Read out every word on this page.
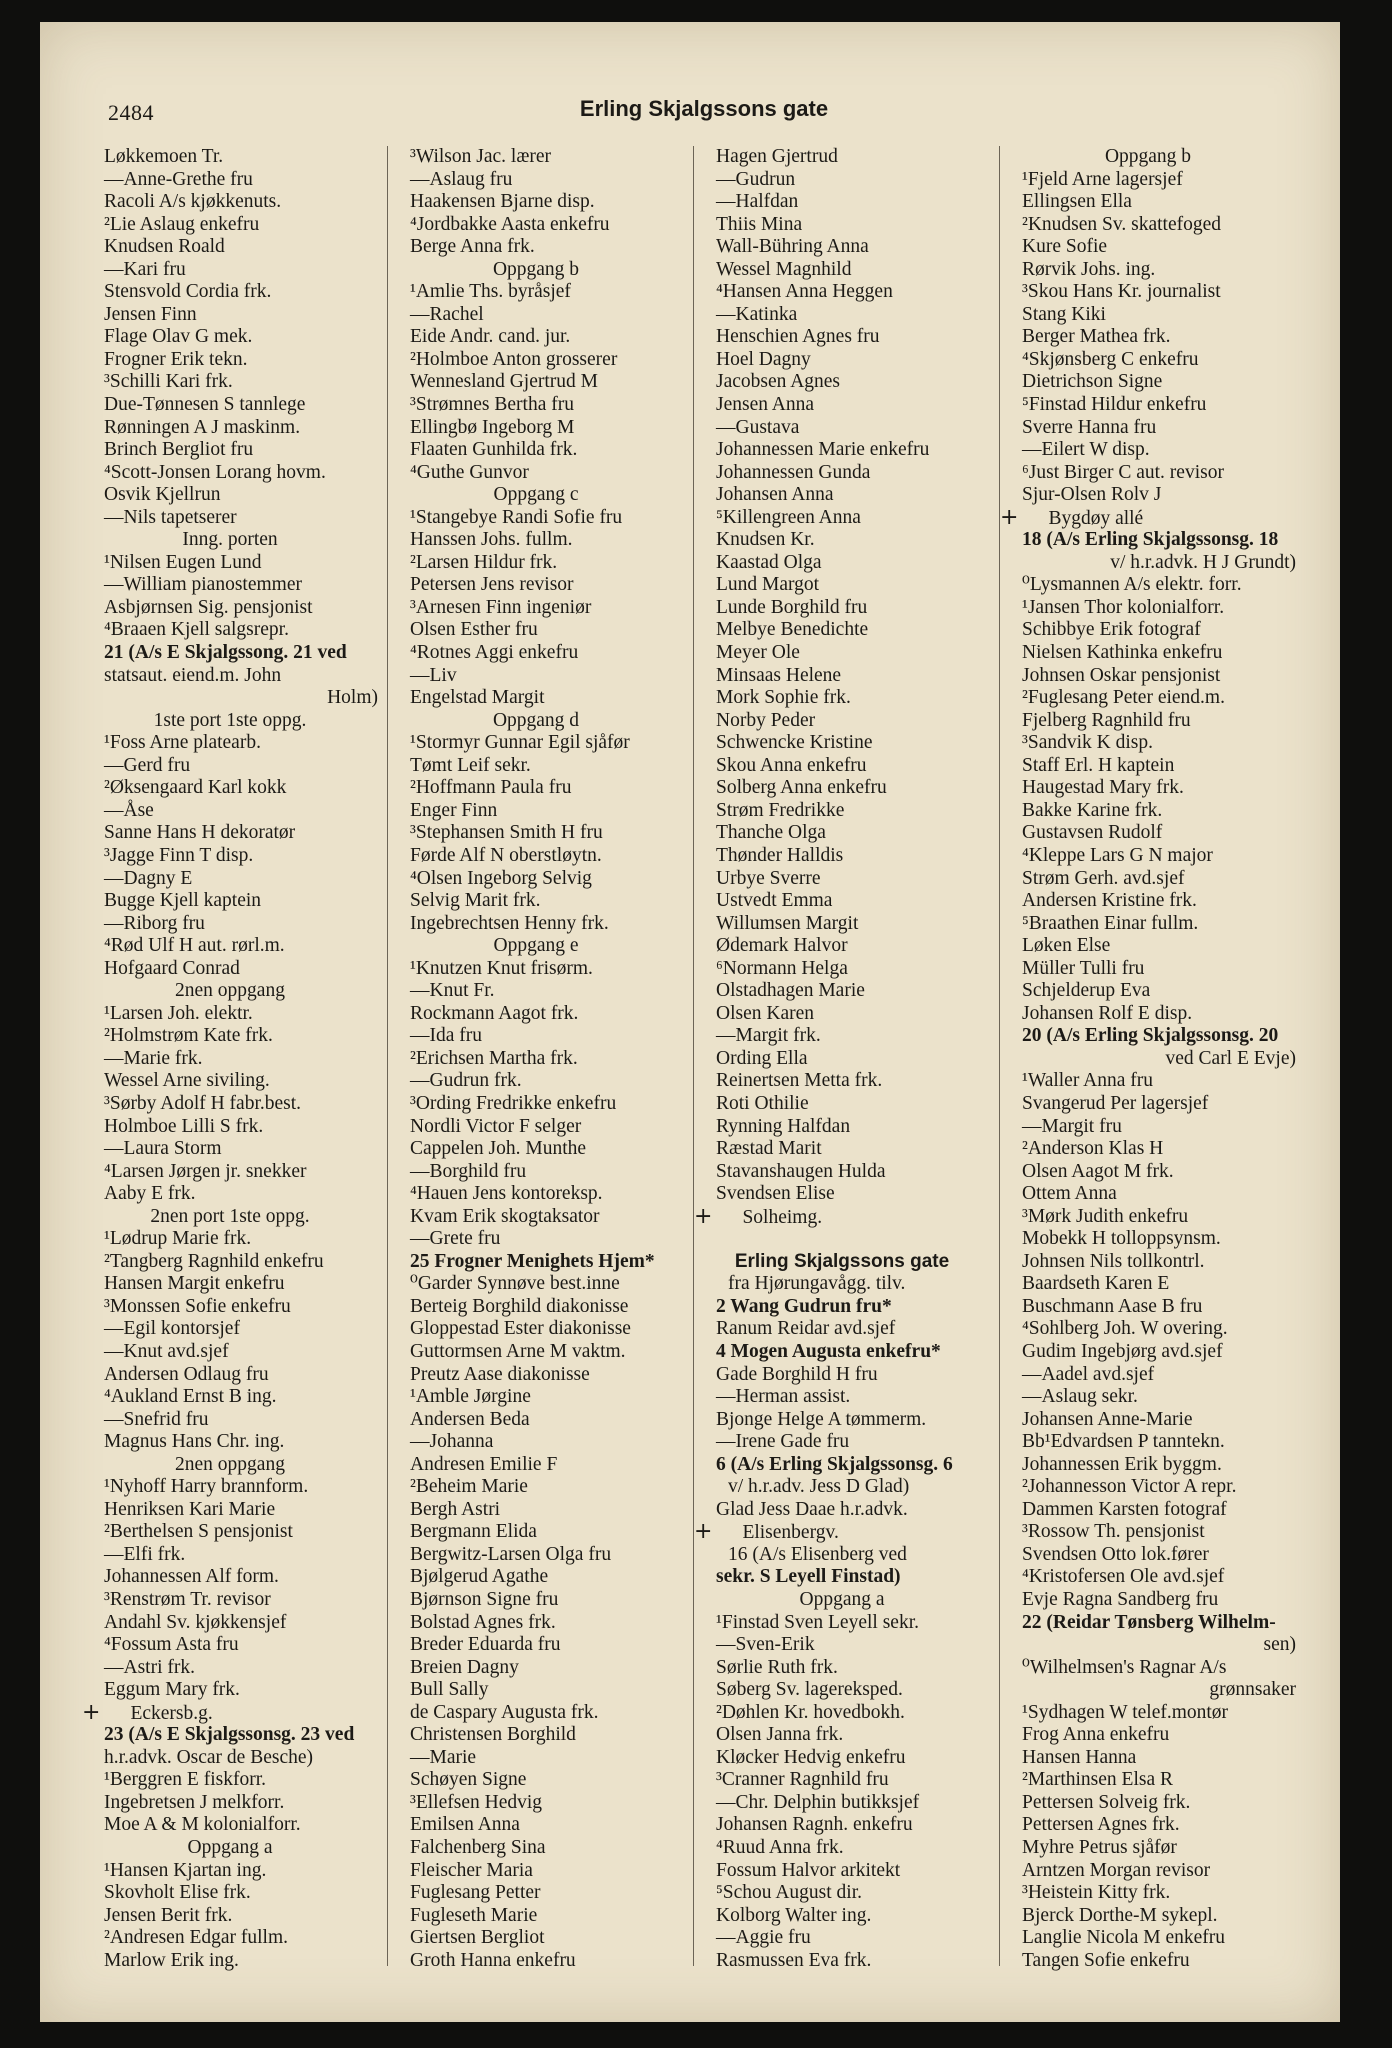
2484	Erling Skjalgssons gate
Løkkemoen Tr.
—Anne-Grethe fru
Racoli A/s kjøkkenuts.
²Lie Aslaug enkefru
Knudsen Roald
—Kari fru
Stensvold Cordia frk.
Jensen Finn
Flage Olav G mek.
Frogner Erik tekn.
³Schilli Kari frk.
Due-Tønnesen S tannlege
Rønningen A J maskinm.
Brinch Bergliot fru
⁴Scott-Jonsen Lorang hovm.
Osvik Kjellrun
—Nils tapetserer
Inng. porten
¹Nilsen Eugen Lund
—William pianostemmer
Asbjørnsen Sig. pensjonist
⁴Braaen Kjell salgsrepr.
21 (A/s E Skjalgssong. 21 ved
statsaut. eiend.m. John
Holm)
1ste port 1ste oppg.
¹Foss Arne platearb.
—Gerd fru
²Øksengaard Karl kokk
—Åse
Sanne Hans H dekoratør
³Jagge Finn T disp.
—Dagny E
Bugge Kjell kaptein
—Riborg fru
⁴Rød Ulf H aut. rørl.m.
Hofgaard Conrad
2nen oppgang
¹Larsen Joh. elektr.
²Holmstrøm Kate frk.
—Marie frk.
Wessel Arne siviling.
³Sørby Adolf H fabr.best.
Holmboe Lilli S frk.
—Laura Storm
⁴Larsen Jørgen jr. snekker
Aaby E frk.
2nen port 1ste oppg.
¹Lødrup Marie frk.
²Tangberg Ragnhild enkefru
Hansen Margit enkefru
³Monssen Sofie enkefru
—Egil kontorsjef
—Knut avd.sjef
Andersen Odlaug fru
⁴Aukland Ernst B ing.
—Snefrid fru
Magnus Hans Chr. ing.
2nen oppgang
¹Nyhoff Harry brannform.
Henriksen Kari Marie
²Berthelsen S pensjonist
—Elfi frk.
Johannessen Alf form.
³Renstrøm Tr. revisor
Andahl Sv. kjøkkensjef
⁴Fossum Asta fru
—Astri frk.
Eggum Mary frk.
+ Eckersb.g.
23 (A/s E Skjalgssonsg. 23 ved
h.r.advk. Oscar de Besche)
¹Berggren E fiskforr.
Ingebretsen J melkforr.
Moe A & M kolonialforr.
Oppgang a
¹Hansen Kjartan ing.
Skovholt Elise frk.
Jensen Berit frk.
²Andresen Edgar fullm.
Marlow Erik ing.
³Wilson Jac. lærer
—Aslaug fru
Haakensen Bjarne disp.
⁴Jordbakke Aasta enkefru
Berge Anna frk.
Oppgang b
¹Amlie Ths. byråsjef
—Rachel
Eide Andr. cand. jur.
²Holmboe Anton grosserer
Wennesland Gjertrud M
³Strømnes Bertha fru
Ellingbø Ingeborg M
Flaaten Gunhilda frk.
⁴Guthe Gunvor
Oppgang c
¹Stangebye Randi Sofie fru
Hanssen Johs. fullm.
²Larsen Hildur frk.
Petersen Jens revisor
³Arnesen Finn ingeniør
Olsen Esther fru
⁴Rotnes Aggi enkefru
—Liv
Engelstad Margit
Oppgang d
¹Stormyr Gunnar Egil sjåfør
Tømt Leif sekr.
²Hoffmann Paula fru
Enger Finn
³Stephansen Smith H fru
Førde Alf N oberstløytn.
⁴Olsen Ingeborg Selvig
Selvig Marit frk.
Ingebrechtsen Henny frk.
Oppgang e
¹Knutzen Knut frisørm.
—Knut Fr.
Rockmann Aagot frk.
—Ida fru
²Erichsen Martha frk.
—Gudrun frk.
³Ording Fredrikke enkefru
Nordli Victor F selger
Cappelen Joh. Munthe
—Borghild fru
⁴Hauen Jens kontoreksp.
Kvam Erik skogtaksator
—Grete fru
25 Frogner Menighets Hjem*
⁰Garder Synnøve best.inne
Berteig Borghild diakonisse
Gloppestad Ester diakonisse
Guttormsen Arne M vaktm.
Preutz Aase diakonisse
¹Amble Jørgine
Andersen Beda
—Johanna
Andresen Emilie F
²Beheim Marie
Bergh Astri
Bergmann Elida
Bergwitz-Larsen Olga fru
Bjølgerud Agathe
Bjørnson Signe fru
Bolstad Agnes frk.
Breder Eduarda fru
Breien Dagny
Bull Sally
de Caspary Augusta frk.
Christensen Borghild
—Marie
Schøyen Signe
³Ellefsen Hedvig
Emilsen Anna
Falchenberg Sina
Fleischer Maria
Fuglesang Petter
Fugleseth Marie
Giertsen Bergliot
Groth Hanna enkefru
Hagen Gjertrud
—Gudrun
—Halfdan
Thiis Mina
Wall-Bühring Anna
Wessel Magnhild
⁴Hansen Anna Heggen
—Katinka
Henschien Agnes fru
Hoel Dagny
Jacobsen Agnes
Jensen Anna
—Gustava
Johannessen Marie enkefru
Johannessen Gunda
Johansen Anna
⁵Killengreen Anna
Knudsen Kr.
Kaastad Olga
Lund Margot
Lunde Borghild fru
Melbye Benedichte
Meyer Ole
Minsaas Helene
Mork Sophie frk.
Norby Peder
Schwencke Kristine
Skou Anna enkefru
Solberg Anna enkefru
Strøm Fredrikke
Thanche Olga
Thønder Halldis
Urbye Sverre
Ustvedt Emma
Willumsen Margit
Ødemark Halvor
⁶Normann Helga
Olstadhagen Marie
Olsen Karen
—Margit frk.
Ording Ella
Reinertsen Metta frk.
Roti Othilie
Rynning Halfdan
Ræstad Marit
Stavanshaugen Hulda
Svendsen Elise
+ Solheimg.
Erling Skjalgssons gate
fra Hjørungavågg. tilv.
2 Wang Gudrun fru*
Ranum Reidar avd.sjef
4 Mogen Augusta enkefru*
Gade Borghild H fru
—Herman assist.
Bjonge Helge A tømmerm.
—Irene Gade fru
6 (A/s Erling Skjalgssonsg. 6
v/ h.r.adv. Jess D Glad)
Glad Jess Daae h.r.advk.
+ Elisenbergv.
16 (A/s Elisenberg ved
sekr. S Leyell Finstad)
Oppgang a
¹Finstad Sven Leyell sekr.
—Sven-Erik
Sørlie Ruth frk.
Søberg Sv. lagereksped.
²Døhlen Kr. hovedbokh.
Olsen Janna frk.
Kløcker Hedvig enkefru
³Cranner Ragnhild fru
—Chr. Delphin butikksjef
Johansen Ragnh. enkefru
⁴Ruud Anna frk.
Fossum Halvor arkitekt
⁵Schou August dir.
Kolborg Walter ing.
—Aggie fru
Rasmussen Eva frk.
Oppgang b
¹Fjeld Arne lagersjef
Ellingsen Ella
²Knudsen Sv. skattefoged
Kure Sofie
Rørvik Johs. ing.
³Skou Hans Kr. journalist
Stang Kiki
Berger Mathea frk.
⁴Skjønsberg C enkefru
Dietrichson Signe
⁵Finstad Hildur enkefru
Sverre Hanna fru
—Eilert W disp.
⁶Just Birger C aut. revisor
Sjur-Olsen Rolv J
+ Bygdøy allé
18 (A/s Erling Skjalgssonsg. 18
v/ h.r.advk. H J Grundt)
⁰Lysmannen A/s elektr. forr.
¹Jansen Thor kolonialforr.
Schibbye Erik fotograf
Nielsen Kathinka enkefru
Johnsen Oskar pensjonist
²Fuglesang Peter eiend.m.
Fjelberg Ragnhild fru
³Sandvik K disp.
Staff Erl. H kaptein
Haugestad Mary frk.
Bakke Karine frk.
Gustavsen Rudolf
⁴Kleppe Lars G N major
Strøm Gerh. avd.sjef
Andersen Kristine frk.
⁵Braathen Einar fullm.
Løken Else
Müller Tulli fru
Schjelderup Eva
Johansen Rolf E disp.
20 (A/s Erling Skjalgssonsg. 20
ved Carl E Evje)
¹Waller Anna fru
Svangerud Per lagersjef
—Margit fru
²Anderson Klas H
Olsen Aagot M frk.
Ottem Anna
³Mørk Judith enkefru
Mobekk H tolloppsynsm.
Johnsen Nils tollkontrl.
Baardseth Karen E
Buschmann Aase B fru
⁴Sohlberg Joh. W overing.
Gudim Ingebjørg avd.sjef
—Aadel avd.sjef
—Aslaug sekr.
Johansen Anne-Marie
Bb¹Edvardsen P tanntekn.
Johannessen Erik byggm.
²Johannesson Victor A repr.
Dammen Karsten fotograf
³Rossow Th. pensjonist
Svendsen Otto lok.fører
⁴Kristofersen Ole avd.sjef
Evje Ragna Sandberg fru
22 (Reidar Tønsberg Wilhelm-
sen)
⁰Wilhelmsen's Ragnar A/s
grønnsaker
¹Sydhagen W telef.montør
Frog Anna enkefru
Hansen Hanna
²Marthinsen Elsa R
Pettersen Solveig frk.
Pettersen Agnes frk.
Myhre Petrus sjåfør
Arntzen Morgan revisor
³Heistein Kitty frk.
Bjerck Dorthe-M sykepl.
Langlie Nicola M enkefru
Tangen Sofie enkefru
